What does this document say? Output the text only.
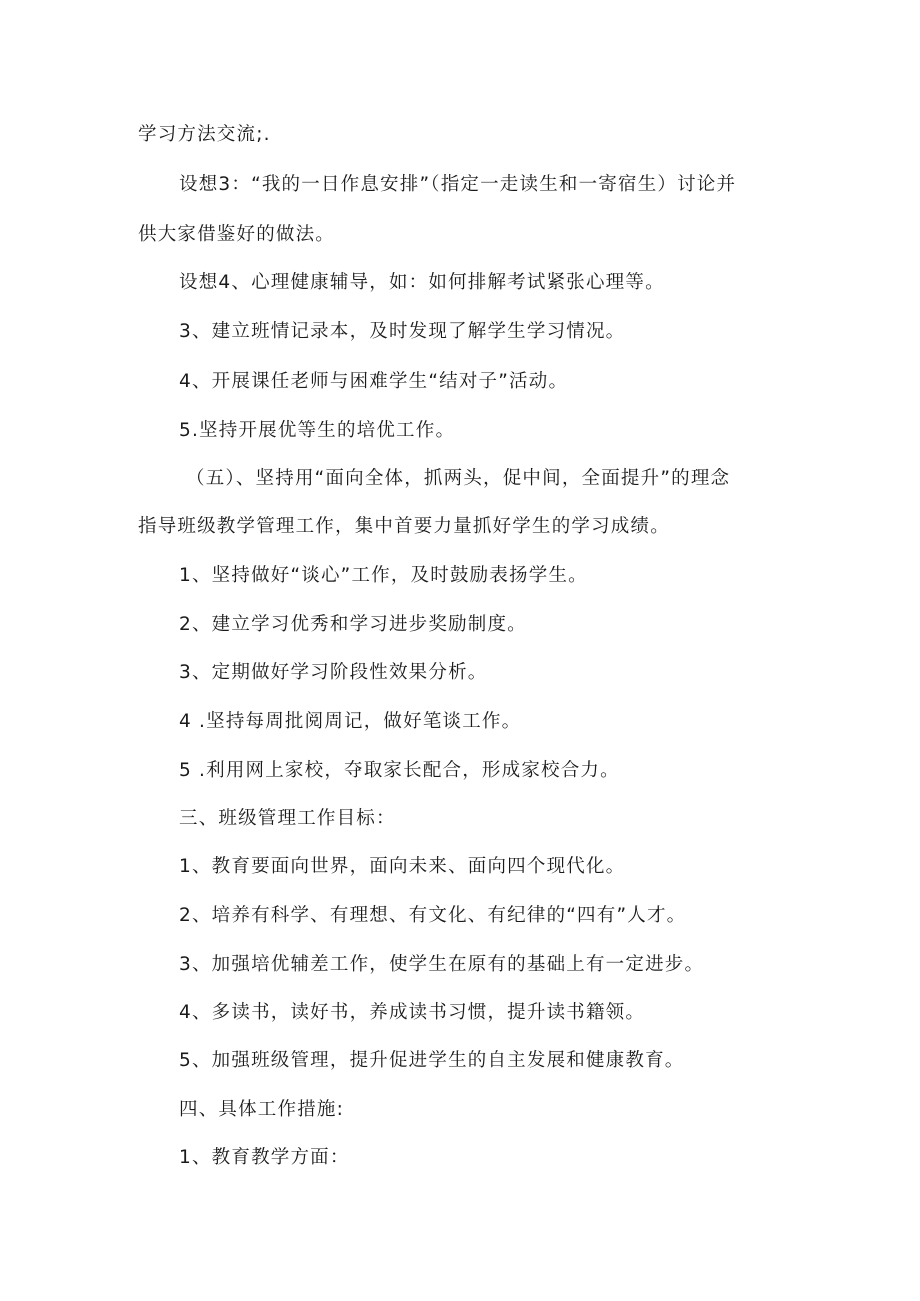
学习方法交流;.

设想3：“我的一日作息安排”（指定一走读生和一寄宿生）讨论并

供大家借鉴好的做法。

设想4、心理健康辅导，如：如何排解考试紧张心理等。

3、建立班情记录本，及时发现了解学生学习情况。

4、开展课任老师与困难学生“结对子”活动。

5.坚持开展优等生的培优工作。

（五）、坚持用“面向全体，抓两头，促中间，全面提升”的理念

指导班级教学管理工作，集中首要力量抓好学生的学习成绩。

1、坚持做好“谈心”工作，及时鼓励表扬学生。

2、建立学习优秀和学习进步奖励制度。

3、定期做好学习阶段性效果分析。

4 .坚持每周批阅周记，做好笔谈工作。

5 .利用网上家校，夺取家长配合，形成家校合力。

三、班级管理工作目标：

1、教育要面向世界，面向未来、面向四个现代化。

2、培养有科学、有理想、有文化、有纪律的“四有”人才。

3、加强培优辅差工作，使学生在原有的基础上有一定进步。

4、多读书，读好书，养成读书习惯，提升读书籍领。

5、加强班级管理，提升促进学生的自主发展和健康教育。

四、具体工作措施:

1、教育教学方面：
